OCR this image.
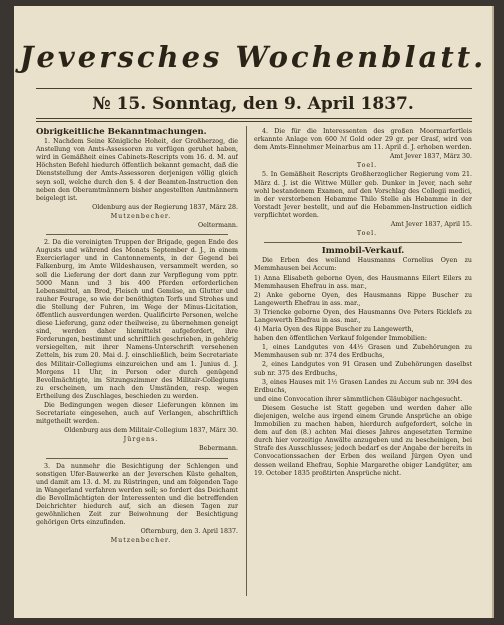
Jeversches Wochenblatt.
№ 15. Sonntag, den 9. April 1837.
Obrigkeitliche Bekanntmachungen.

1. Nachdem Seine Königliche Hoheit, der Großherzog, die Anstellung von Amts-Assessoren zu verfügen geruhet haben, wird in Gemäßheit eines Cabinets-Rescripts vom 16. d. M. auf Höchsten Befehl hiedurch öffentlich bekannt gemacht, daß die Dienststellung der Amts-Assessoren derjenigen völlig gleich seyn soll, welche durch den §. 4 der Beamten-Instruction den neben den Oberamtmännern bisher angestellten Amtmännern beigelegt ist.

Oldenburg aus der Regierung 1837, März 28.

Mutzenbecher.

Oeltermann.

2. Da die vereinigten Truppen der Brigade, gegen Ende des Augusts und während des Monats September d. J., in einem Exercierlager und in Cantonnements, in der Gegend bei Falkenburg, im Amte Wildeshausen, versammelt werden, so soll die Lieferung der dort dann zur Verpflegung vom pptr. 5000 Mann und 3 bis 400 Pferden erforderlichen Lebensmittel, an Brod, Fleisch und Gemüse, an Glutter und rauher Fourage, so wie der benöthigten Torfs und Strohes und die Stellung der Fuhren, im Wege der Minus-Licitation, öffentlich ausverdungen werden. Qualificirte Personen, welche diese Lieferung, ganz oder theilweise, zu übernehmen geneigt sind, werden daher hiemittelst aufgefordert, ihre Forderungen, bestimmt und schriftlich geschrieben, in gehörig versiegelten, mit ihrer Namens-Unterschrift versehenen Zetteln, bis zum 20. Mai d. J. einschließlich, beim Secretariate des Militair-Collegiums einzureichen und am 1. Junius d. J. Morgens 11 Uhr, in Person oder durch genügend Bevollmächtigte, im Sitzungszimmer des Militair-Collegiums zu erscheinen, um nach den Umständen, resp. wegen Ertheilung des Zuschlages, beschieden zu werden.

Die Bedingungen wegen dieser Lieferungen können im Secretariate eingesehen, auch auf Verlangen, abschriftlich mitgetheilt werden.

Oldenburg aus dem Militair-Collegium 1837, März 30.

Jürgens.

Bebermann.

3. Da nunmehr die Besichtigung der Schlengen und sonstigen Ufer-Bauwerke an der Jeverschen Küste gehalten, und damit am 13. d. M. zu Rüstringen, und am folgenden Tage in Wangerland verfahren werden soll; so fordert das Deichamt die Bevollmächtigten der Interessenten und die betreffenden Deichrichter hiedurch auf, sich an diesen Tagen zur gewöhnlichen Zeit zur Beiwohnung der Besichtigung gehörigen Orts einzufinden.

Ofternburg, den 3. April 1837.

Mutzenbecher.

4. Die für die Interessenten des großen Moormarfertleis erkannte Anlage von 600 ℳ Gold oder 29 gr. per Grasſ, wird von dem Amts-Einnehmer Meinarbus am 11. April d. J. erhoben werden.

Amt Jever 1837, März 30.

Toel.

5. In Gemäßheit Rescripts Großherzoglicher Regierung vom 21. März d. J. ist die Wittwe Müller geb. Dunker in Jever, nach sehr wohl bestandenem Examen, auf den Vorschlag des Collegii medici, in der verstorbenen Hebamme Thilo Stelle als Hebamme in der Vorstadt Jever bestellt, und auf die Hebammen-Instruction eidlich verpflichtet worden.

Amt Jever 1837, April 15.

Toel.

Immobil-Verkauf.

Die Erben des weiland Hausmanns Cornelius Oyen zu Memmhausen bei Accum:

1) Anna Elisabeth geborne Oyen, des Hausmanns Eilert Eilers zu Memmhausen Ehefrau in ass. mar.,

2) Anke geborne Oyen, des Hausmanns Rippe Buscher zu Langewerth Ehefrau in ass. mar.,

3) Triencke geborne Oyen, des Hausmanns Ove Peters Ricklefs zu Langewerth Ehefrau in ass. mar.,

4) Maria Oyen des Rippe Buscher zu Langewerth,

haben den öffentlichen Verkauf folgender Immobilien:

1, eines Landgutes von 44½ Grasen und Zubehörungen zu Memmhausen sub nr. 374 des Erdbuchs,

2, eines Landgutes von 91 Grasen und Zubehörungen daselbst sub nr. 375 des Erdbuchs,

3, eines Hauses mit 1½ Grasen Landes zu Accum sub nr. 394 des Erdbuchs,

und eine Convocation ihrer sämmtlichen Gläubiger nachgesucht.

Diesem Gesuche ist Statt gegeben und werden daher alle diejenigen, welche aus irgend einem Grunde Ansprüche an obige Immobilien zu machen haben, hierdurch aufgefordert, solche in dem auf den (8.) achten Mai dieses Jahres angesetzten Termine durch hier vorzeitige Anwälte anzugeben und zu bescheinigen, bei Strafe des Ausschlusses; jedoch bedarf es der Angabe der bereits in Convocationssachen der Erben des weiland Jürgen Oyen und dessen weiland Ehefrau, Sophie Margarethe obiger Landgüter, am 19. October 1835 proßtirten Ansprüche nicht.
